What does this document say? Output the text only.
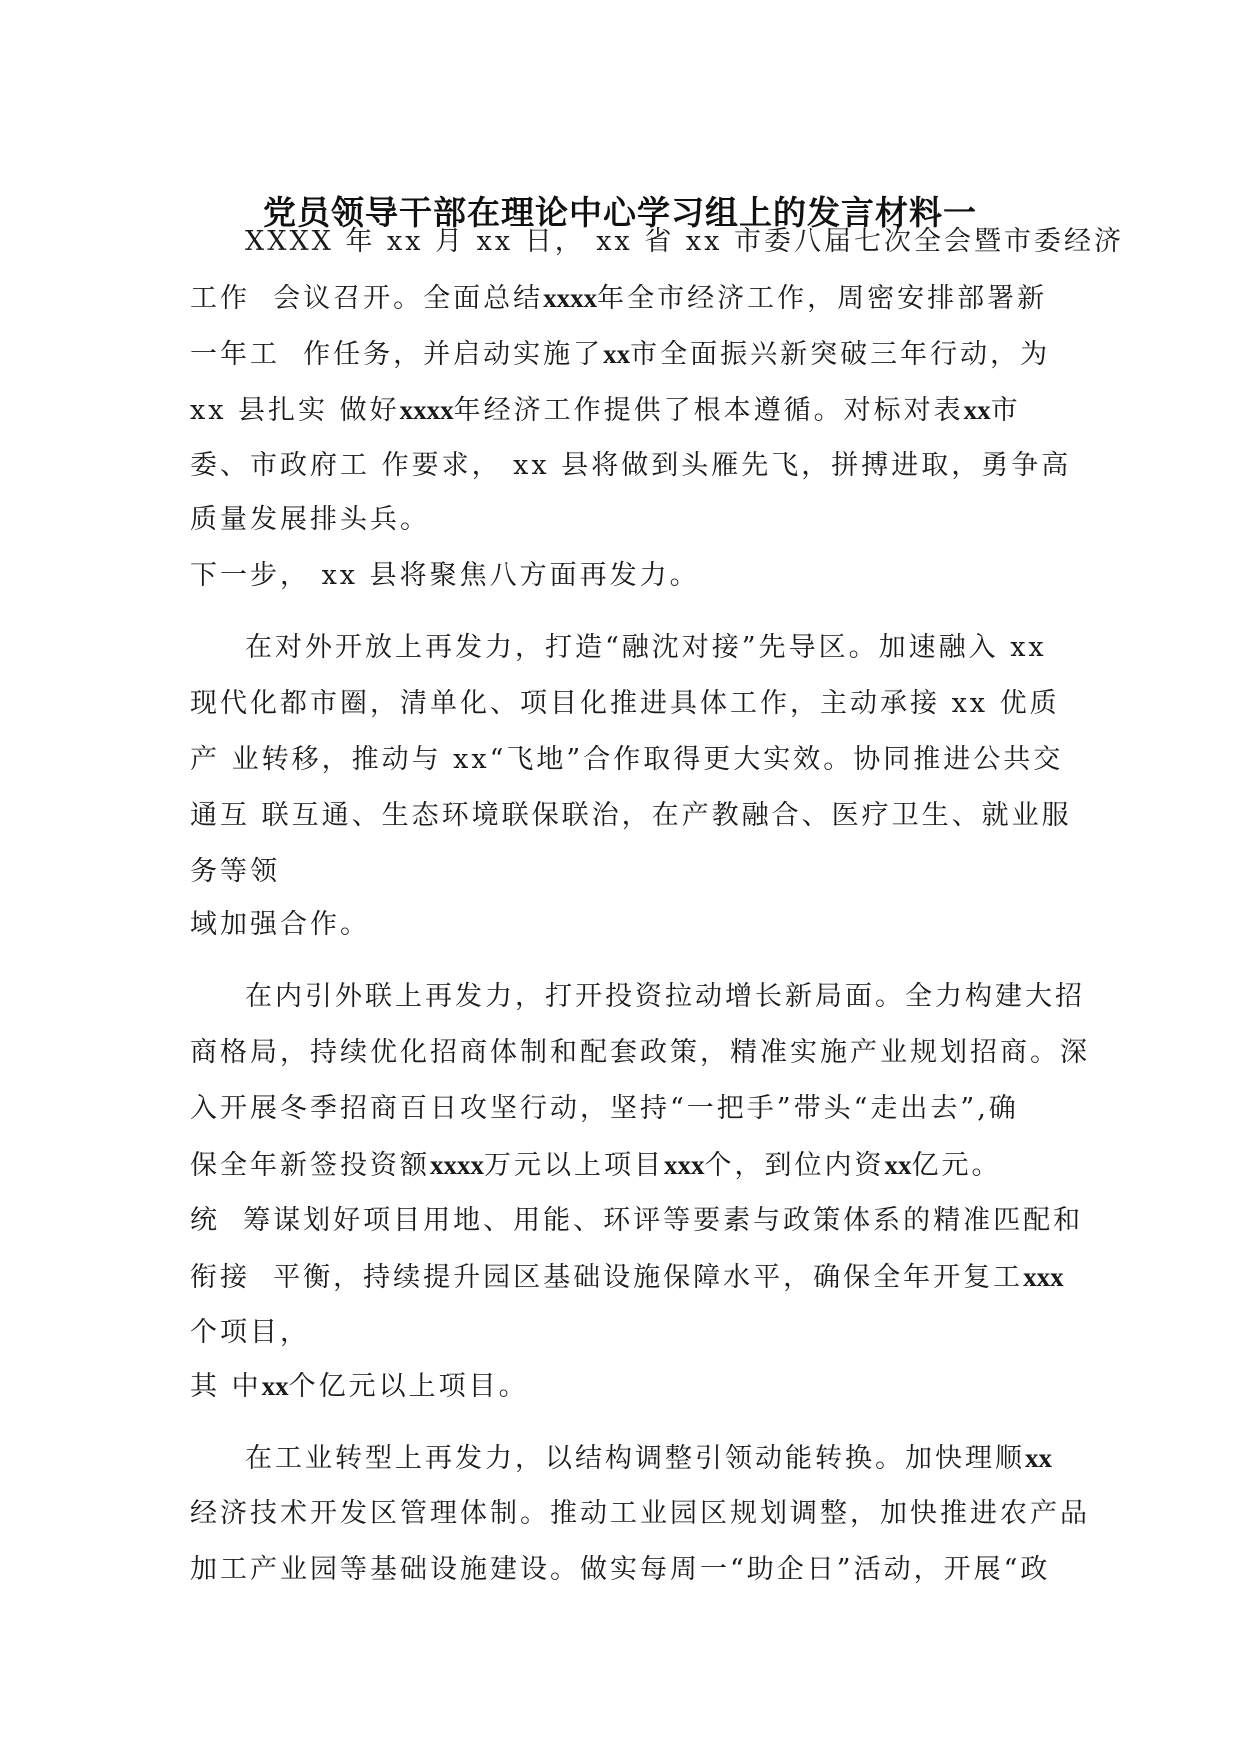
党员领导干部在理论中心学习组上的发言材料一
XXXX 年 xx 月 xx 日， xx 省 xx 市委八届七次全会暨市委经济
工作  会议召开。全面总结xxxx年全市经济工作，周密安排部署新
一年工  作任务，并启动实施了xx市全面振兴新突破三年行动，为
xx 县扎实 做好xxxx年经济工作提供了根本遵循。对标对表xx市
委、市政府工 作要求， xx 县将做到头雁先飞，拼搏进取，勇争高
质量发展排头兵。
下一步， xx 县将聚焦八方面再发力。
在对外开放上再发力，打造“融沈对接”先导区。加速融入 xx
现代化都市圈，清单化、项目化推进具体工作，主动承接 xx 优质
产 业转移，推动与 xx“飞地”合作取得更大实效。协同推进公共交
通互 联互通、生态环境联保联治，在产教融合、医疗卫生、就业服
务等领
域加强合作。
在内引外联上再发力，打开投资拉动增长新局面。全力构建大招
商格局，持续优化招商体制和配套政策，精准实施产业规划招商。深
入开展冬季招商百日攻坚行动，坚持“一把手”带头“走出去”,确
保全年新签投资额xxxx万元以上项目xxx个，到位内资xx亿元。
统  筹谋划好项目用地、用能、环评等要素与政策体系的精准匹配和
衔接  平衡，持续提升园区基础设施保障水平，确保全年开复工xxx
个项目，
其 中xx个亿元以上项目。
在工业转型上再发力，以结构调整引领动能转换。加快理顺xx
经济技术开发区管理体制。推动工业园区规划调整，加快推进农产品
加工产业园等基础设施建设。做实每周一“助企日”活动，开展“政
